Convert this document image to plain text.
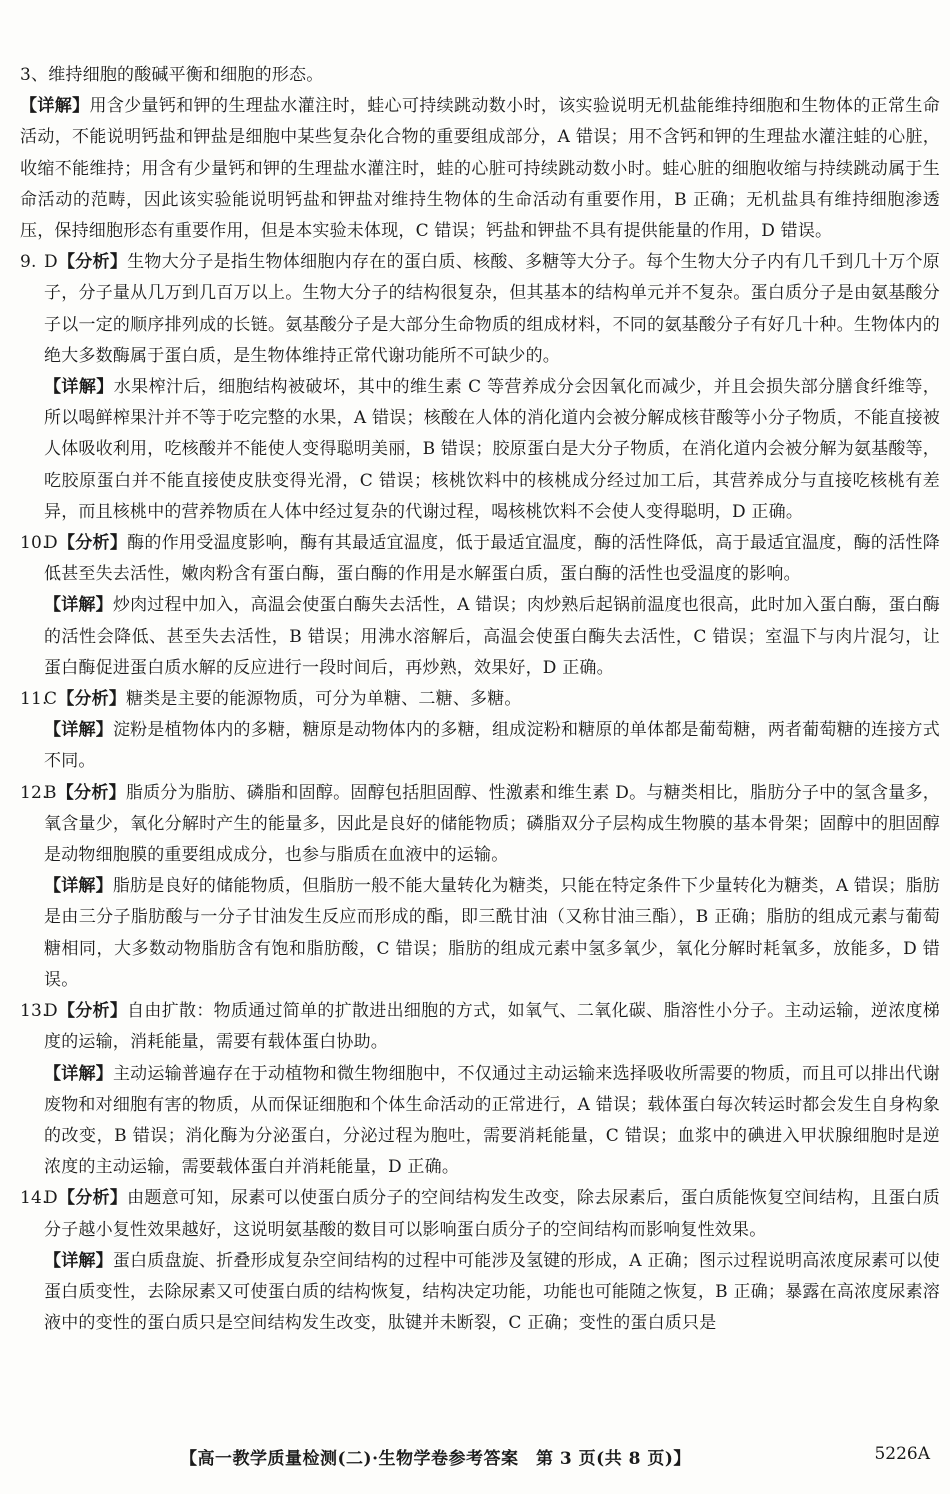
3、维持细胞的酸碱平衡和细胞的形态。

【详解】用含少量钙和钾的生理盐水灌注时，蛙心可持续跳动数小时，该实验说明无机盐能维持细胞和生物体的正常生命活动，不能说明钙盐和钾盐是细胞中某些复杂化合物的重要组成部分，A 错误；用不含钙和钾的生理盐水灌注蛙的心脏，收缩不能维持；用含有少量钙和钾的生理盐水灌注时，蛙的心脏可持续跳动数小时。蛙心脏的细胞收缩与持续跳动属于生命活动的范畴，因此该实验能说明钙盐和钾盐对维持生物体的生命活动有重要作用，B 正确；无机盐具有维持细胞渗透压，保持细胞形态有重要作用，但是本实验未体现，C 错误；钙盐和钾盐不具有提供能量的作用，D 错误。

9. D【分析】生物大分子是指生物体细胞内存在的蛋白质、核酸、多糖等大分子。每个生物大分子内有几千到几十万个原子，分子量从几万到几百万以上。生物大分子的结构很复杂，但其基本的结构单元并不复杂。蛋白质分子是由氨基酸分子以一定的顺序排列成的长链。氨基酸分子是大部分生命物质的组成材料，不同的氨基酸分子有好几十种。生物体内的绝大多数酶属于蛋白质，是生物体维持正常代谢功能所不可缺少的。

【详解】水果榨汁后，细胞结构被破坏，其中的维生素 C 等营养成分会因氧化而减少，并且会损失部分膳食纤维等，所以喝鲜榨果汁并不等于吃完整的水果，A 错误；核酸在人体的消化道内会被分解成核苷酸等小分子物质，不能直接被人体吸收利用，吃核酸并不能使人变得聪明美丽，B 错误；胶原蛋白是大分子物质，在消化道内会被分解为氨基酸等，吃胶原蛋白并不能直接使皮肤变得光滑，C 错误；核桃饮料中的核桃成分经过加工后，其营养成分与直接吃核桃有差异，而且核桃中的营养物质在人体中经过复杂的代谢过程，喝核桃饮料不会使人变得聪明，D 正确。

10.
D【分析】酶的作用受温度影响，酶有其最适宜温度，低于最适宜温度，酶的活性降低，高于最适宜温度，酶的活性降低甚至失去活性，嫩肉粉含有蛋白酶，蛋白酶的作用是水解蛋白质，蛋白酶的活性也受温度的影响。

【详解】炒肉过程中加入，高温会使蛋白酶失去活性，A 错误；肉炒熟后起锅前温度也很高，此时加入蛋白酶，蛋白酶的活性会降低、甚至失去活性，B 错误；用沸水溶解后，高温会使蛋白酶失去活性，C 错误；室温下与肉片混匀，让蛋白酶促进蛋白质水解的反应进行一段时间后，再炒熟，效果好，D 正确。

11.
C【分析】糖类是主要的能源物质，可分为单糖、二糖、多糖。

【详解】淀粉是植物体内的多糖，糖原是动物体内的多糖，组成淀粉和糖原的单体都是葡萄糖，两者葡萄糖的连接方式不同。

12.
B【分析】脂质分为脂肪、磷脂和固醇。固醇包括胆固醇、性激素和维生素 D。与糖类相比，脂肪分子中的氢含量多，氧含量少，氧化分解时产生的能量多，因此是良好的储能物质；磷脂双分子层构成生物膜的基本骨架；固醇中的胆固醇是动物细胞膜的重要组成成分，也参与脂质在血液中的运输。

【详解】脂肪是良好的储能物质，但脂肪一般不能大量转化为糖类，只能在特定条件下少量转化为糖类，A 错误；脂肪是由三分子脂肪酸与一分子甘油发生反应而形成的酯，即三酰甘油（又称甘油三酯），B 正确；脂肪的组成元素与葡萄糖相同，大多数动物脂肪含有饱和脂肪酸，C 错误；脂肪的组成元素中氢多氧少，氧化分解时耗氧多，放能多，D 错误。

13.
D【分析】自由扩散：物质通过简单的扩散进出细胞的方式，如氧气、二氧化碳、脂溶性小分子。主动运输，逆浓度梯度的运输，消耗能量，需要有载体蛋白协助。

【详解】主动运输普遍存在于动植物和微生物细胞中，不仅通过主动运输来选择吸收所需要的物质，而且可以排出代谢废物和对细胞有害的物质，从而保证细胞和个体生命活动的正常进行，A 错误；载体蛋白每次转运时都会发生自身构象的改变，B 错误；消化酶为分泌蛋白，分泌过程为胞吐，需要消耗能量，C 错误；血浆中的碘进入甲状腺细胞时是逆浓度的主动运输，需要载体蛋白并消耗能量，D 正确。

14.
D【分析】由题意可知，尿素可以使蛋白质分子的空间结构发生改变，除去尿素后，蛋白质能恢复空间结构，且蛋白质分子越小复性效果越好，这说明氨基酸的数目可以影响蛋白质分子的空间结构而影响复性效果。

【详解】蛋白质盘旋、折叠形成复杂空间结构的过程中可能涉及氢键的形成，A 正确；图示过程说明高浓度尿素可以使蛋白质变性，去除尿素又可使蛋白质的结构恢复，结构决定功能，功能也可能随之恢复，B 正确；暴露在高浓度尿素溶液中的变性的蛋白质只是空间结构发生改变，肽键并未断裂，C 正确；变性的蛋白质只是

【高一教学质量检测(二)·生物学卷参考答案　第 3 页(共 8 页)】	5226A
